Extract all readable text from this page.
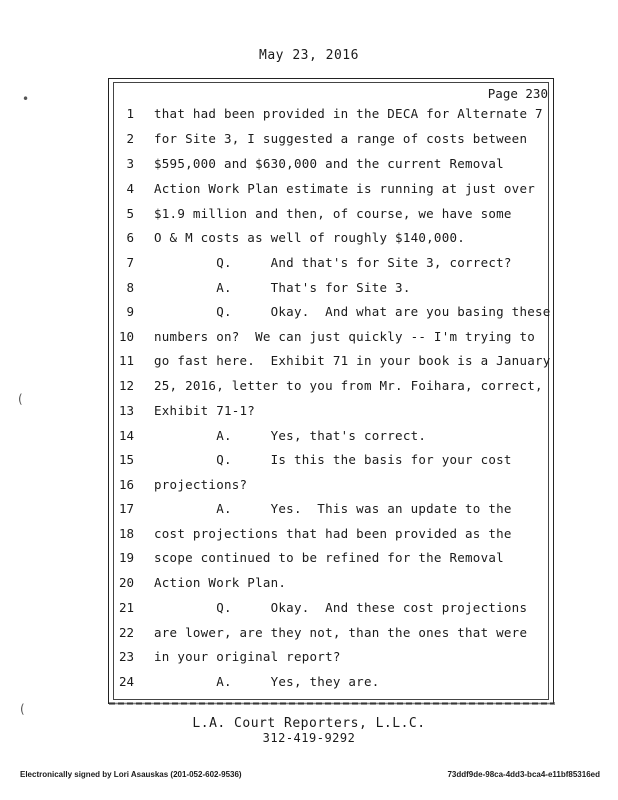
May 23, 2016
Page 230
1 that had been provided in the DECA for Alternate 7
2 for Site 3, I suggested a range of costs between
3 $595,000 and $630,000 and the current Removal
4 Action Work Plan estimate is running at just over
5 $1.9 million and then, of course, we have some
6 O & M costs as well of roughly $140,000.
7 Q.     And that's for Site 3, correct?
8 A.     That's for Site 3.
9 Q.     Okay.  And what are you basing these
10 numbers on?  We can just quickly -- I'm trying to
11 go fast here.  Exhibit 71 in your book is a January
12 25, 2016, letter to you from Mr. Foihara, correct,
13 Exhibit 71-1?
14 A.     Yes, that's correct.
15 Q.     Is this the basis for your cost
16 projections?
17 A.     Yes.  This was an update to the
18 cost projections that had been provided as the
19 scope continued to be refined for the Removal
20 Action Work Plan.
21 Q.     Okay.  And these cost projections
22 are lower, are they not, than the ones that were
23 in your original report?
24 A.     Yes, they are.
•
(
(
L.A. Court Reporters, L.L.C.
312-419-9292
Electronically signed by Lori Asauskas (201-052-602-9536)	73ddf9de-98ca-4dd3-bca4-e11bf85316ed
